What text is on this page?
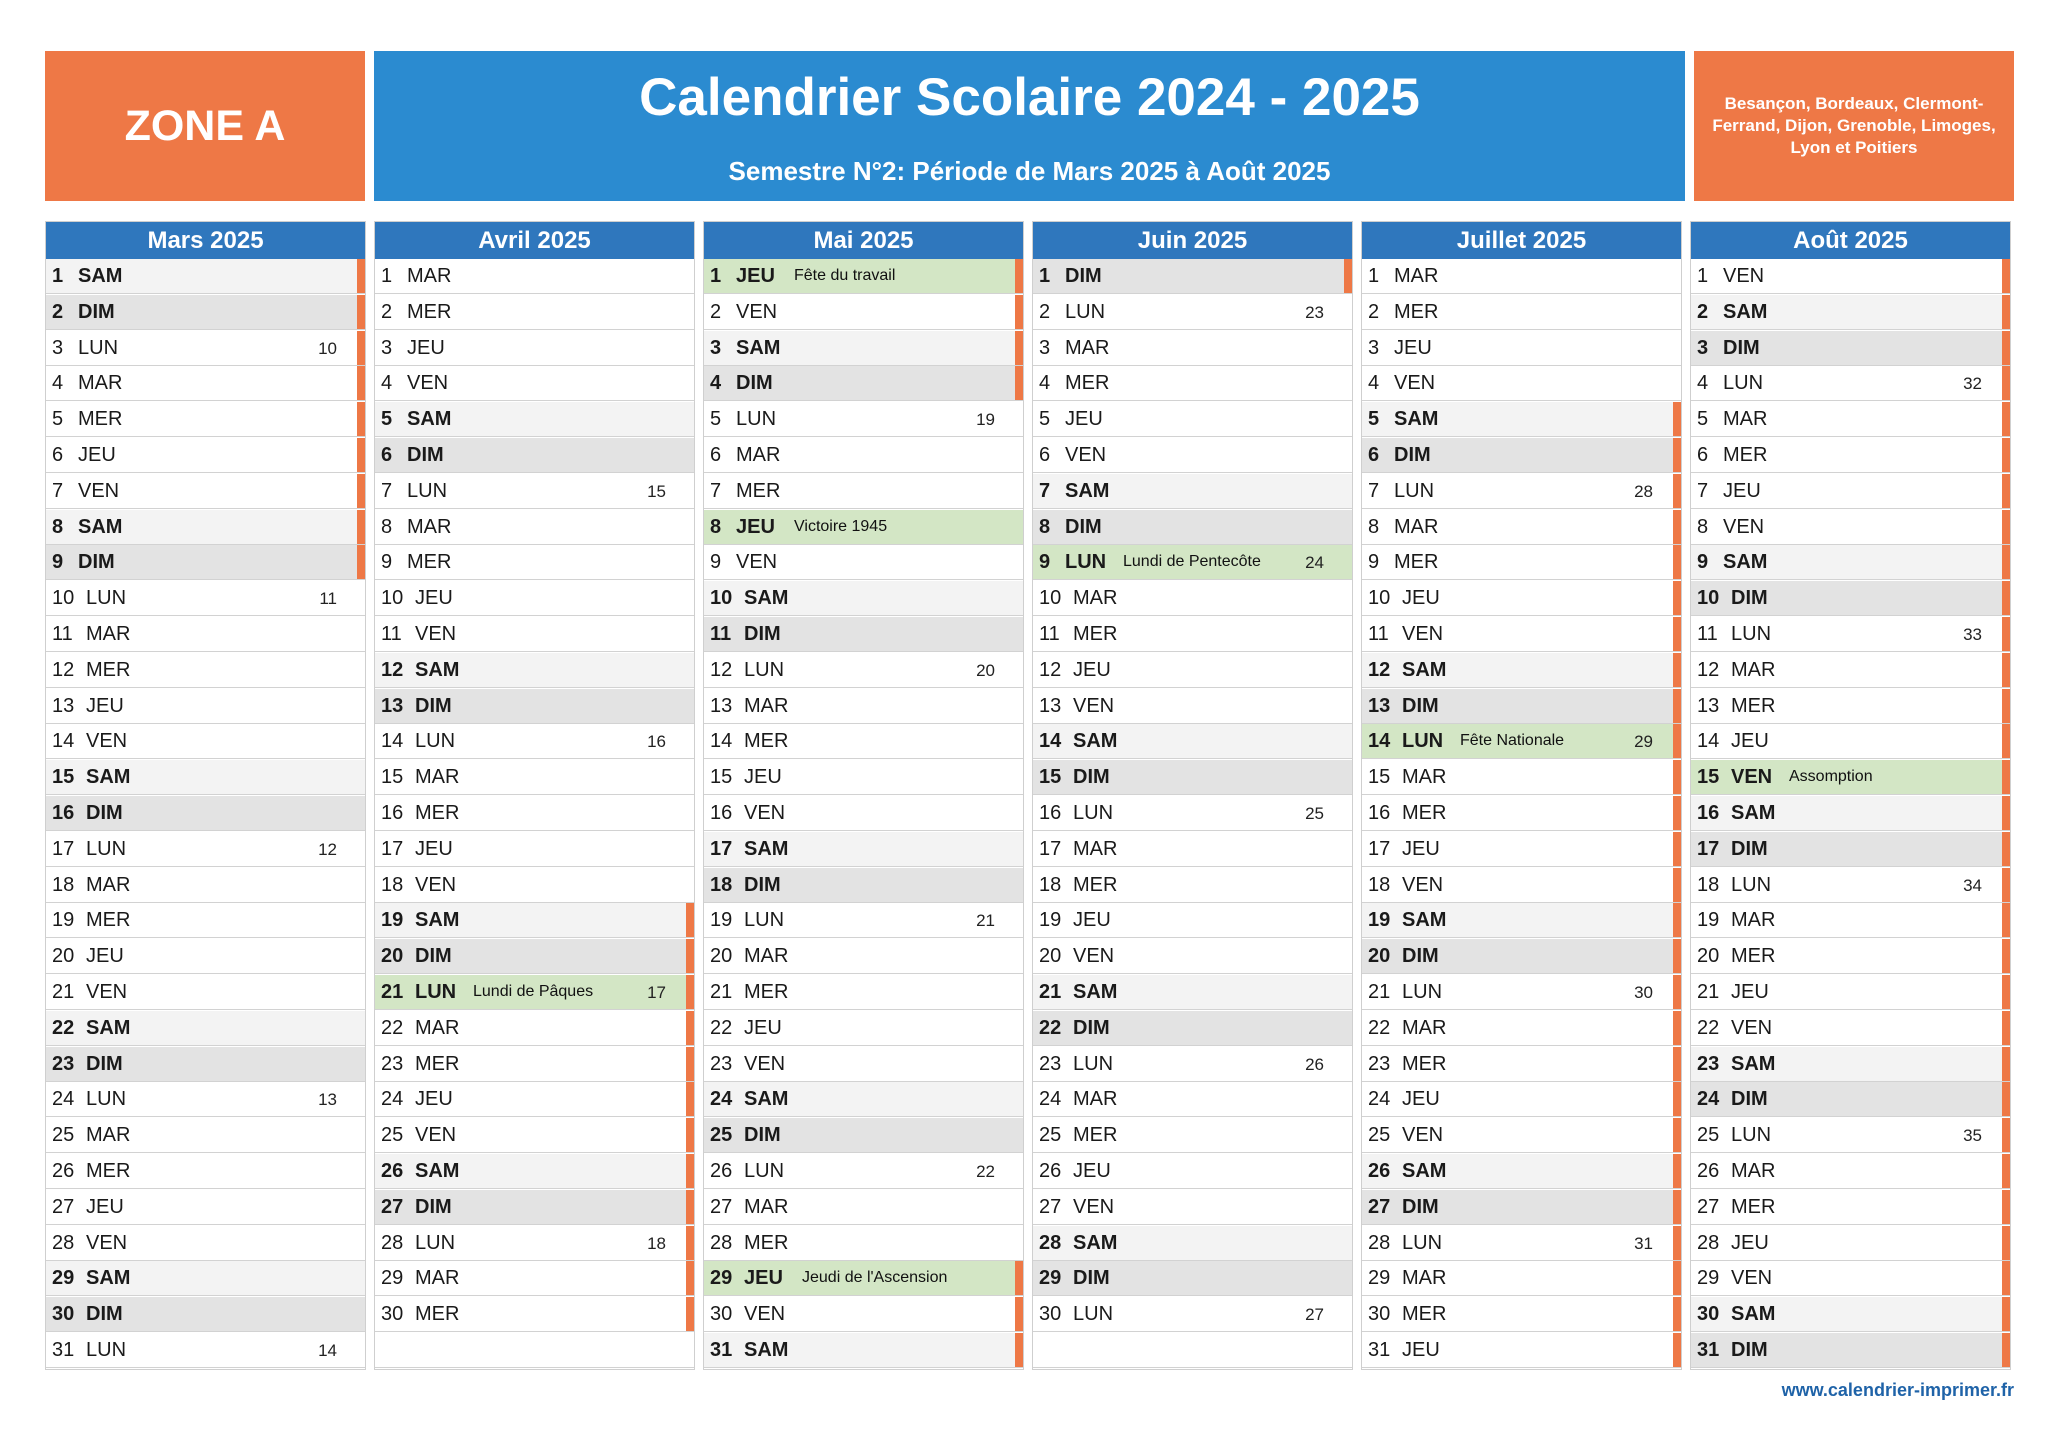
ZONE A	Calendrier Scolaire 2024 - 2025
Semestre N°2: Période de Mars 2025 à Août 2025
Besançon, Bordeaux, Clermont-Ferrand, Dijon, Grenoble, Limoges, Lyon et Poitiers
Mars 2025
1 SAM
2 DIM
3 LUN	10
4 MAR
5 MER
6 JEU
7 VEN
8 SAM
9 DIM
10 LUN	11
11 MAR
12 MER
13 JEU
14 VEN
15 SAM
16 DIM
17 LUN	12
18 MAR
19 MER
20 JEU
21 VEN
22 SAM
23 DIM
24 LUN	13
25 MAR
26 MER
27 JEU
28 VEN
29 SAM
30 DIM
31 LUN	14
Avril 2025
1 MAR
2 MER
3 JEU
4 VEN
5 SAM
6 DIM
7 LUN	15
8 MAR
9 MER
10 JEU
11 VEN
12 SAM
13 DIM
14 LUN	16
15 MAR
16 MER
17 JEU
18 VEN
19 SAM
20 DIM
21 LUN Lundi de Pâques	17
22 MAR
23 MER
24 JEU
25 VEN
26 SAM
27 DIM
28 LUN	18
29 MAR
30 MER
Mai 2025
1 JEU Fête du travail
2 VEN
3 SAM
4 DIM
5 LUN	19
6 MAR
7 MER
8 JEU Victoire 1945
9 VEN
10 SAM
11 DIM
12 LUN	20
13 MAR
14 MER
15 JEU
16 VEN
17 SAM
18 DIM
19 LUN	21
20 MAR
21 MER
22 JEU
23 VEN
24 SAM
25 DIM
26 LUN	22
27 MAR
28 MER
29 JEU Jeudi de l'Ascension
30 VEN
31 SAM
Juin 2025
1 DIM
2 LUN	23
3 MAR
4 MER
5 JEU
6 VEN
7 SAM
8 DIM
9 LUN Lundi de Pentecôte	24
10 MAR
11 MER
12 JEU
13 VEN
14 SAM
15 DIM
16 LUN	25
17 MAR
18 MER
19 JEU
20 VEN
21 SAM
22 DIM
23 LUN	26
24 MAR
25 MER
26 JEU
27 VEN
28 SAM
29 DIM
30 LUN	27
Juillet 2025
1 MAR
2 MER
3 JEU
4 VEN
5 SAM
6 DIM
7 LUN	28
8 MAR
9 MER
10 JEU
11 VEN
12 SAM
13 DIM
14 LUN Fête Nationale	29
15 MAR
16 MER
17 JEU
18 VEN
19 SAM
20 DIM
21 LUN	30
22 MAR
23 MER
24 JEU
25 VEN
26 SAM
27 DIM
28 LUN	31
29 MAR
30 MER
31 JEU
Août 2025
1 VEN
2 SAM
3 DIM
4 LUN	32
5 MAR
6 MER
7 JEU
8 VEN
9 SAM
10 DIM
11 LUN	33
12 MAR
13 MER
14 JEU
15 VEN Assomption
16 SAM
17 DIM
18 LUN	34
19 MAR
20 MER
21 JEU
22 VEN
23 SAM
24 DIM
25 LUN	35
26 MAR
27 MER
28 JEU
29 VEN
30 SAM
31 DIM
www.calendrier-imprimer.fr
